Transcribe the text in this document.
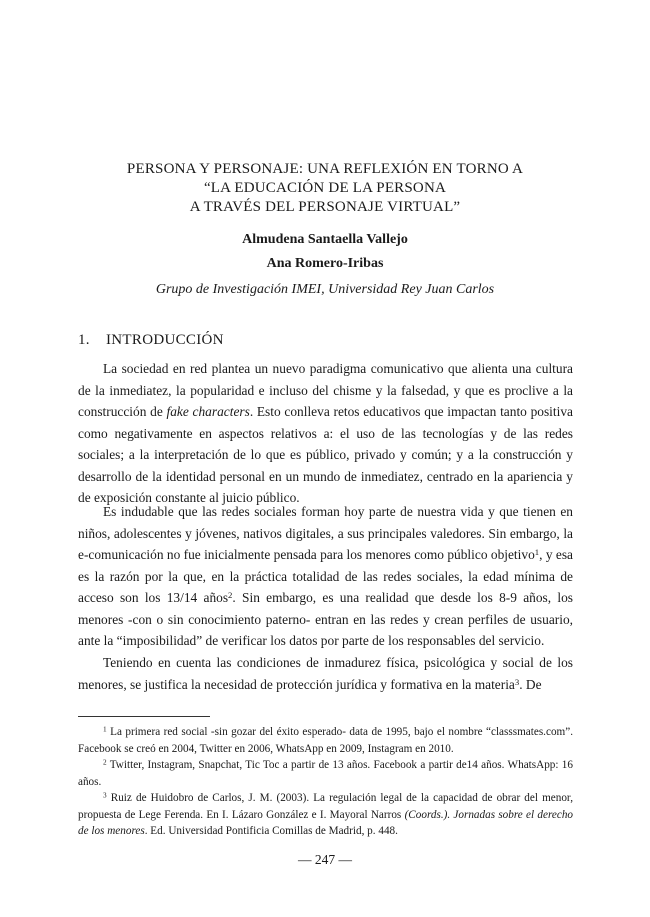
PERSONA Y PERSONAJE: UNA REFLEXIÓN EN TORNO A
“LA EDUCACIÓN DE LA PERSONA
A TRAVÉS DEL PERSONAJE VIRTUAL”
Almudena Santaella Vallejo
Ana Romero-Iribas
Grupo de Investigación IMEI, Universidad Rey Juan Carlos
1. INTRODUCCIÓN

La sociedad en red plantea un nuevo paradigma comunicativo que alienta una cultura de la inmediatez, la popularidad e incluso del chisme y la falsedad, y que es proclive a la construcción de fake characters. Esto conlleva retos educativos que impactan tanto positiva como negativamente en aspectos relativos a: el uso de las tecnologías y de las redes sociales; a la interpretación de lo que es público, privado y común; y a la construcción y desarrollo de la identidad personal en un mundo de inmediatez, centrado en la apariencia y de exposición constante al juicio público.

Es indudable que las redes sociales forman hoy parte de nuestra vida y que tienen en niños, adolescentes y jóvenes, nativos digitales, a sus principales valedores. Sin embargo, la e-comunicación no fue inicialmente pensada para los menores como público objetivo$^1$, y esa es la razón por la que, en la práctica totalidad de las redes sociales, la edad mínima de acceso son los 13/14 años$^2$. Sin embargo, es una realidad que desde los 8-9 años, los menores -con o sin conocimiento paterno- entran en las redes y crean perfiles de usuario, ante la “imposibilidad” de verificar los datos por parte de los responsables del servicio.

Teniendo en cuenta las condiciones de inmadurez física, psicológica y social de los menores, se justifica la necesidad de protección jurídica y formativa en la materia$^3$. De

$^1$ La primera red social -sin gozar del éxito esperado- data de 1995, bajo el nombre “classsmates.com”. Facebook se creó en 2004, Twitter en 2006, WhatsApp en 2009, Instagram en 2010.

$^2$ Twitter, Instagram, Snapchat, Tic Toc a partir de 13 años. Facebook a partir de14 años. WhatsApp: 16 años.

$^3$ Ruiz de Huidobro de Carlos, J. M. (2003). La regulación legal de la capacidad de obrar del menor, propuesta de Lege Ferenda. En I. Lázaro González e I. Mayoral Narros (Coords.). Jornadas sobre el derecho de los menores. Ed. Universidad Pontificia Comillas de Madrid, p. 448.

— 247 —
